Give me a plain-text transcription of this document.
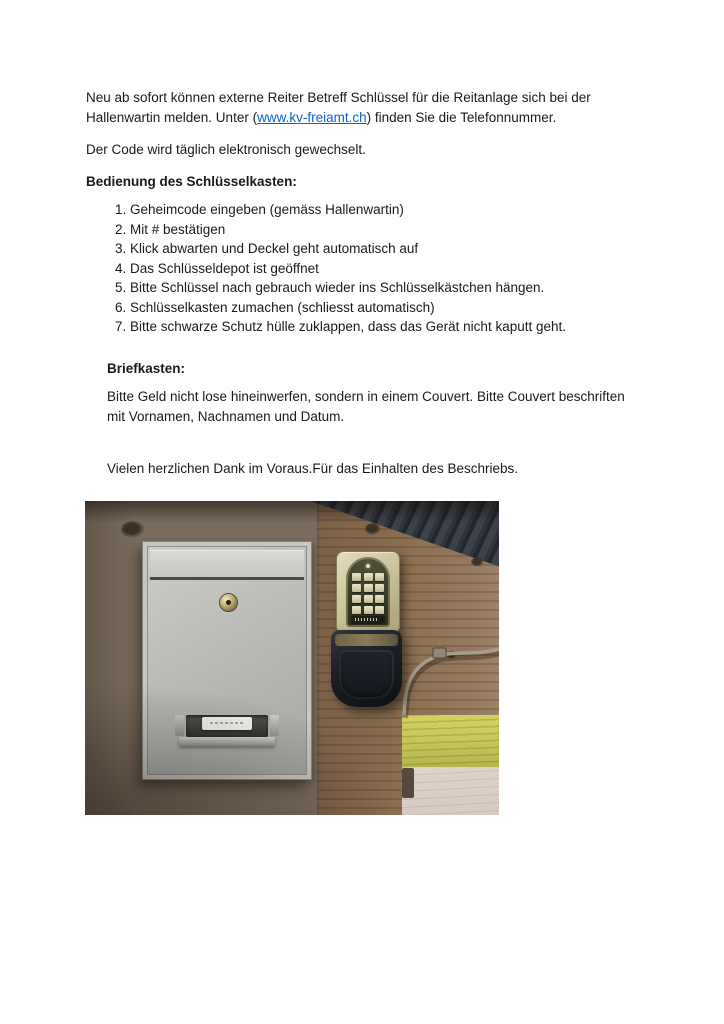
Neu ab sofort können externe Reiter Betreff Schlüssel für die Reitanlage sich bei der Hallenwartin melden. Unter (www.kv-freiamt.ch) finden Sie die Telefonnummer.

Der Code wird täglich elektronisch gewechselt.

Bedienung des Schlüsselkasten:

1. Geheimcode eingeben (gemäss Hallenwartin)
2. Mit # bestätigen
3. Klick abwarten und Deckel geht automatisch auf
4. Das Schlüsseldepot ist geöffnet
5. Bitte Schlüssel nach gebrauch wieder ins Schlüsselkästchen hängen.
6. Schlüsselkasten zumachen (schliesst automatisch)
7. Bitte schwarze Schutz hülle zuklappen, dass das Gerät nicht kaputt geht.

Briefkasten:

Bitte Geld nicht lose hineinwerfen, sondern in einem Couvert. Bitte Couvert beschriften mit Vornamen, Nachnamen und Datum.

Vielen herzlichen Dank im Voraus.Für das Einhalten des Beschriebs.
